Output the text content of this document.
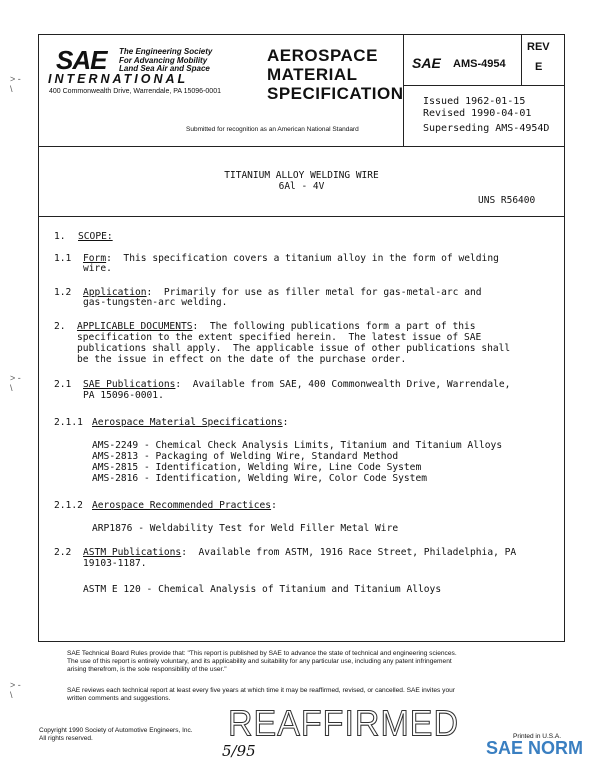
˃ ‐
\
˃ ‐
\
˃ ‐
\
SAE The Engineering Society
For Advancing Mobility
Land Sea Air and Space
INTERNATIONAL
400 Commonwealth Drive, Warrendale, PA 15096-0001
AEROSPACE
MATERIAL
SPECIFICATION
Submitted for recognition as an American National Standard
SAE AMS-4954
REV
E
Issued 1962-01-15
Revised 1990-04-01
Superseding AMS-4954D
TITANIUM ALLOY WELDING WIRE
6Al - 4V
UNS R56400
1. SCOPE:
1.1 Form:  This specification covers a titanium alloy in the form of welding
wire.
1.2 Application:  Primarily for use as filler metal for gas-metal-arc and
gas-tungsten-arc welding.
2. APPLICABLE DOCUMENTS:  The following publications form a part of this
specification to the extent specified herein.  The latest issue of SAE
publications shall apply.  The applicable issue of other publications shall
be the issue in effect on the date of the purchase order.
2.1 SAE Publications:  Available from SAE, 400 Commonwealth Drive, Warrendale,
PA 15096-0001.
2.1.1 Aerospace Material Specifications:
AMS-2249 - Chemical Check Analysis Limits, Titanium and Titanium Alloys
AMS-2813 - Packaging of Welding Wire, Standard Method
AMS-2815 - Identification, Welding Wire, Line Code System
AMS-2816 - Identification, Welding Wire, Color Code System
2.1.2 Aerospace Recommended Practices:
ARP1876 - Weldability Test for Weld Filler Metal Wire
2.2 ASTM Publications:  Available from ASTM, 1916 Race Street, Philadelphia, PA
19103-1187.
ASTM E 120 - Chemical Analysis of Titanium and Titanium Alloys
SAE Technical Board Rules provide that: "This report is published by SAE to advance the state of technical and engineering sciences.
The use of this report is entirely voluntary, and its applicability and suitability for any particular use, including any patent infringement
arising therefrom, is the sole responsibility of the user."
SAE reviews each technical report at least every five years at which time it may be reaffirmed, revised, or cancelled. SAE invites your
written comments and suggestions.
Copyright 1990 Society of Automotive Engineers, Inc.
All rights reserved.	REAFFIRMED
5/95
Printed in U.S.A.
SAE NORM
